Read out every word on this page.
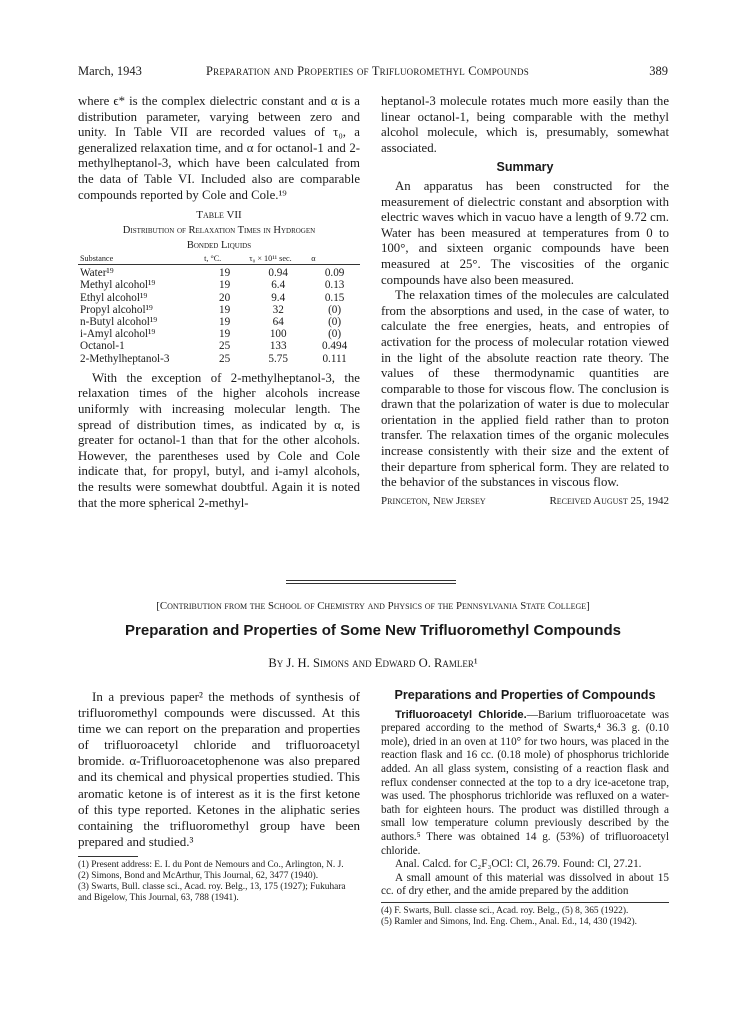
March, 1943	Preparation and Properties of Trifluoromethyl Compounds	389

where ϵ* is the complex dielectric constant and α is a distribution parameter, varying between zero and unity. In Table VII are recorded values of τ₀, a generalized relaxation time, and α for octanol-1 and 2-methylheptanol-3, which have been calculated from the data of Table VI. Included also are comparable compounds reported by Cole and Cole.¹⁹

Table VII
Distribution of Relaxation Times in Hydrogen
Bonded Liquids
Substance	t, °C.	τ₀ × 10¹¹ sec.	α
Water¹⁹	19	0.94	0.09
Methyl alcohol¹⁹	19	6.4	0.13
Ethyl alcohol¹⁹	20	9.4	0.15
Propyl alcohol¹⁹	19	32	(0)
n-Butyl alcohol¹⁹	19	64	(0)
i-Amyl alcohol¹⁹	19	100	(0)
Octanol-1	25	133	0.494
2-Methylheptanol-3	25	5.75	0.111

With the exception of 2-methylheptanol-3, the relaxation times of the higher alcohols increase uniformly with increasing molecular length. The spread of distribution times, as indicated by α, is greater for octanol-1 than that for the other alcohols. However, the parentheses used by Cole and Cole indicate that, for propyl, butyl, and i-amyl alcohols, the results were somewhat doubtful. Again it is noted that the more spherical 2-methyl-

heptanol-3 molecule rotates much more easily than the linear octanol-1, being comparable with the methyl alcohol molecule, which is, presumably, somewhat associated.

Summary

An apparatus has been constructed for the measurement of dielectric constant and absorption with electric waves which in vacuo have a length of 9.72 cm. Water has been measured at temperatures from 0 to 100°, and sixteen organic compounds have been measured at 25°. The viscosities of the organic compounds have also been measured.

The relaxation times of the molecules are calculated from the absorptions and used, in the case of water, to calculate the free energies, heats, and entropies of activation for the process of molecular rotation viewed in the light of the absolute reaction rate theory. The values of these thermodynamic quantities are comparable to those for viscous flow. The conclusion is drawn that the polarization of water is due to molecular orientation in the applied field rather than to proton transfer. The relaxation times of the organic molecules increase consistently with their size and the extent of their departure from spherical form. They are related to the behavior of the substances in viscous flow.

Princeton, New Jersey	Received August 25, 1942
[Contribution from the School of Chemistry and Physics of the Pennsylvania State College]
Preparation and Properties of Some New Trifluoromethyl Compounds
By J. H. Simons and Edward O. Ramler¹

In a previous paper² the methods of synthesis of trifluoromethyl compounds were discussed. At this time we can report on the preparation and properties of trifluoroacetyl chloride and trifluoroacetyl bromide. α-Trifluoroacetophenone was also prepared and its chemical and physical properties studied. This aromatic ketone is of interest as it is the first ketone of this type reported. Ketones in the aliphatic series containing the trifluoromethyl group have been prepared and studied.³

(1) Present address: E. I. du Pont de Nemours and Co., Arlington, N. J.
(2) Simons, Bond and McArthur, This Journal, 62, 3477 (1940).
(3) Swarts, Bull. classe sci., Acad. roy. Belg., 13, 175 (1927); Fukuhara and Bigelow, This Journal, 63, 788 (1941).
Preparations and Properties of Compounds

Trifluoroacetyl Chloride.—Barium trifluoroacetate was prepared according to the method of Swarts,⁴ 36.3 g. (0.10 mole), dried in an oven at 110° for two hours, was placed in the reaction flask and 16 cc. (0.18 mole) of phosphorus trichloride added. An all glass system, consisting of a reaction flask and reflux condenser connected at the top to a dry ice-acetone trap, was used. The phosphorus trichloride was refluxed on a water-bath for eighteen hours. The product was distilled through a small low temperature column previously described by the authors.⁵ There was obtained 14 g. (53%) of trifluoroacetyl chloride.

Anal. Calcd. for C₂F₃OCl: Cl, 26.79. Found: Cl, 27.21.

A small amount of this material was dissolved in about 15 cc. of dry ether, and the amide prepared by the addition

(4) F. Swarts, Bull. classe sci., Acad. roy. Belg., (5) 8, 365 (1922).
(5) Ramler and Simons, Ind. Eng. Chem., Anal. Ed., 14, 430 (1942).
